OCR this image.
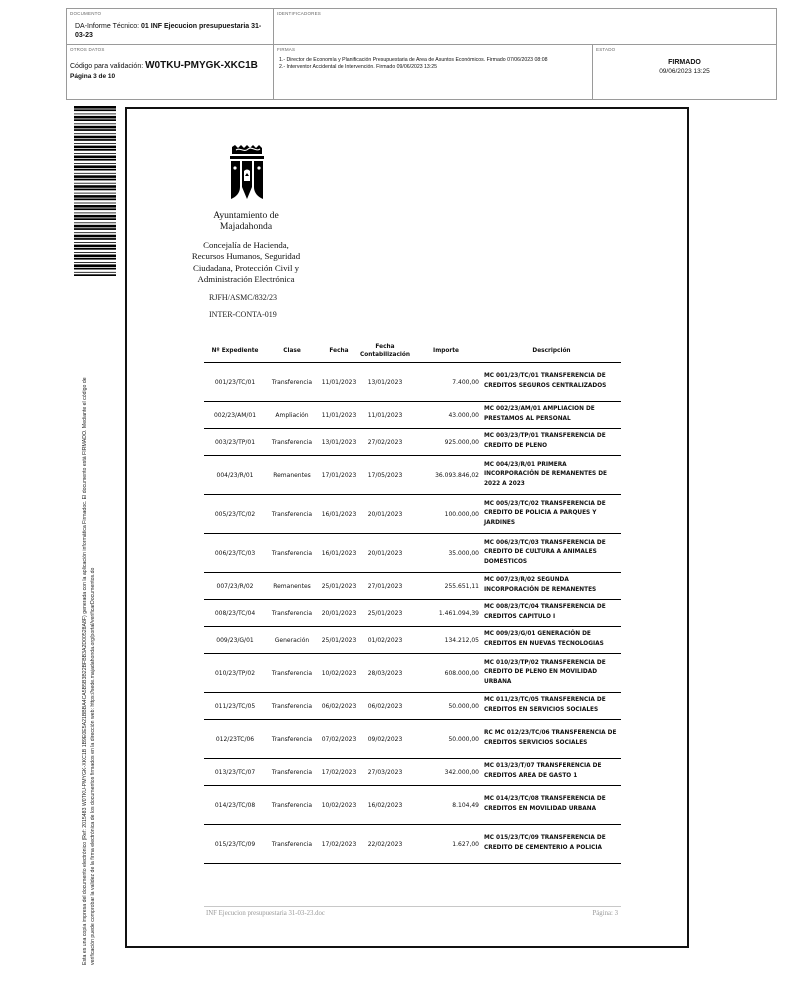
DOCUMENTO
DA-Informe Técnico: 01 INF Ejecucion presupuestaria 31-03-23
IDENTIFICADORES
OTROS DATOS
Código para validación: W0TKU-PMYGK-XKC1B
Página 3 de 10
FIRMAS
1.- Director de Economía y Planificación Presupuestaria de Area de Asuntos Económicos. Firmado 07/06/2023 08:08
2.- Interventor Accidental de Intervención. Firmado 09/06/2023 13:25
ESTADO
FIRMADO
09/06/2023 13:25
Esta es una copia impresa del documento electrónico (Ref: 2015483 W0TKU-PMYGK-XKC1B 1B9E0E5A21BBBA4CA5B5B3B22BFBB3A2D00528A8F) generada con la aplicación informática Firmadoc. El documento está FIRMADO. Mediante el código de verificación puede comprobar la validez de la firma electrónica de los documentos firmados en la dirección web: https://sede.majadahonda.org/portal/verificarDocumentos.do
Ayuntamiento de
Majadahonda
Concejalía de Hacienda,
Recursos Humanos, Seguridad
Ciudadana, Protección Civil y
Administración Electrónica
RJFH/ASMC/832/23
INTER-CONTA-019
Nº Expediente	Clase	Fecha	Fecha
Contabilización	Importe	Descripción
001/23/TC/01	Transferencia	11/01/2023	13/01/2023	7.400,00	MC 001/23/TC/01 TRANSFERENCIA DE CREDITOS SEGUROS CENTRALIZADOS
002/23/AM/01	Ampliación	11/01/2023	11/01/2023	43.000,00	MC 002/23/AM/01 AMPLIACION DE PRESTAMOS AL PERSONAL
003/23/TP/01	Transferencia	13/01/2023	27/02/2023	925.000,00	MC 003/23/TP/01 TRANSFERENCIA DE CREDITO DE PLENO
004/23/R/01	Remanentes	17/01/2023	17/05/2023	36.093.846,02	MC 004/23/R/01 PRIMERA INCORPORACIÓN DE REMANENTES DE 2022 A 2023
005/23/TC/02	Transferencia	16/01/2023	20/01/2023	100.000,00	MC 005/23/TC/02 TRANSFERENCIA DE CREDITO DE POLICIA A PARQUES Y JARDINES
006/23/TC/03	Transferencia	16/01/2023	20/01/2023	35.000,00	MC 006/23/TC/03 TRANSFERENCIA DE CREDITO DE CULTURA A ANIMALES DOMESTICOS
007/23/R/02	Remanentes	25/01/2023	27/01/2023	255.651,11	MC 007/23/R/02 SEGUNDA INCORPORACIÓN DE REMANENTES
008/23/TC/04	Transferencia	20/01/2023	25/01/2023	1.461.094,39	MC 008/23/TC/04 TRANSFERENCIA DE CREDITOS CAPITULO I
009/23/G/01	Generación	25/01/2023	01/02/2023	134.212,05	MC 009/23/G/01 GENERACIÓN DE CREDITOS EN NUEVAS TECNOLOGIAS
010/23/TP/02	Transferencia	10/02/2023	28/03/2023	608.000,00	MC 010/23/TP/02 TRANSFERENCIA DE CREDITO DE PLENO EN MOVILIDAD URBANA
011/23/TC/05	Transferencia	06/02/2023	06/02/2023	50.000,00	MC 011/23/TC/05 TRANSFERENCIA DE CREDITOS EN SERVICIOS SOCIALES
012/23TC/06	Transferencia	07/02/2023	09/02/2023	50.000,00	RC MC 012/23/TC/06 TRANSFERENCIA DE CREDITOS SERVICIOS SOCIALES
013/23/TC/07	Transferencia	17/02/2023	27/03/2023	342.000,00	MC 013/23/T/07 TRANSFERENCIA DE CREDITOS AREA DE GASTO 1
014/23/TC/08	Transferencia	10/02/2023	16/02/2023	8.104,49	MC 014/23/TC/08 TRANSFERENCIA DE CREDITOS EN MOVILIDAD URBANA
015/23/TC/09	Transferencia	17/02/2023	22/02/2023	1.627,00	MC 015/23/TC/09 TRANSFERENCIA DE CREDITO DE CEMENTERIO A POLICIA
INF Ejecucion presupuestaria 31-03-23.doc	Página: 3
